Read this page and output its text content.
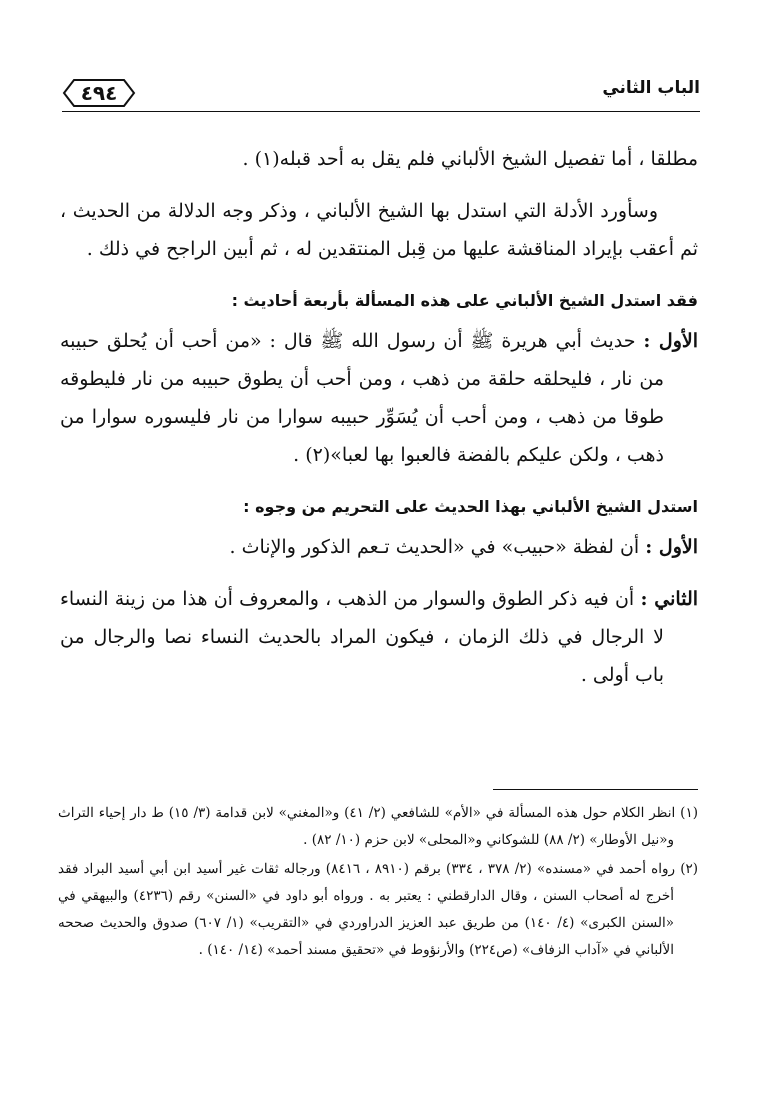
الباب الثاني
٤٩٤

مطلقا ، أما تفصيل الشيخ الألباني فلم يقل به أحد قبله(١) .

وسأورد الأدلة التي استدل بها الشيخ الألباني ، وذكر وجه الدلالة من الحديث ، ثم أعقب بإيراد المناقشة عليها من قِبل المنتقدين له ، ثم أبين الراجح في ذلك .

فقد استدل الشيخ الألباني على هذه المسألة بأربعة أحاديث :

الأول : حديث أبي هريرة ﷺ أن رسول الله ﷺ قال : «من أحب أن يُحلق حبيبه من نار ، فليحلقه حلقة من ذهب ، ومن أحب أن يطوق حبيبه من نار فليطوقه طوقا من ذهب ، ومن أحب أن يُسَوِّر حبيبه سوارا من نار فليسوره سوارا من ذهب ، ولكن عليكم بالفضة فالعبوا بها لعبا»(٢) .

استدل الشيخ الألباني بهذا الحديث على التحريم من وجوه :

الأول : أن لفظة «حبيب» في «الحديث تـعم الذكور والإناث .

الثاني : أن فيه ذكر الطوق والسوار من الذهب ، والمعروف أن هذا من زينة النساء لا الرجال في ذلك الزمان ، فيكون المراد بالحديث النساء نصا والرجال من باب أولى .

(١) انظر الكلام حول هذه المسألة في «الأم» للشافعي (٢/ ٤١) و«المغني» لابن قدامة (٣/ ١٥) ط دار إحياء التراث و«نيل الأوطار» (٢/ ٨٨) للشوكاني و«المحلى» لابن حزم (١٠/ ٨٢) .

(٢) رواه أحمد في «مسنده» (٢/ ٣٧٨ ، ٣٣٤) برقم (٨٩١٠ ، ٨٤١٦) ورجاله ثقات غير أسيد ابن أبي أسيد البراد فقد أخرج له أصحاب السنن ، وقال الدارقطني : يعتبر به . ورواه أبو داود في «السنن» رقم (٤٢٣٦) والبيهقي في «السنن الكبرى» (٤/ ١٤٠) من طريق عبد العزيز الدراوردي في «التقريب» (١/ ٦٠٧) صدوق والحديث صححه الألباني في «آداب الزفاف» (ص٢٢٤) والأرنؤوط في «تحقيق مسند أحمد» (١٤/ ١٤٠) .
